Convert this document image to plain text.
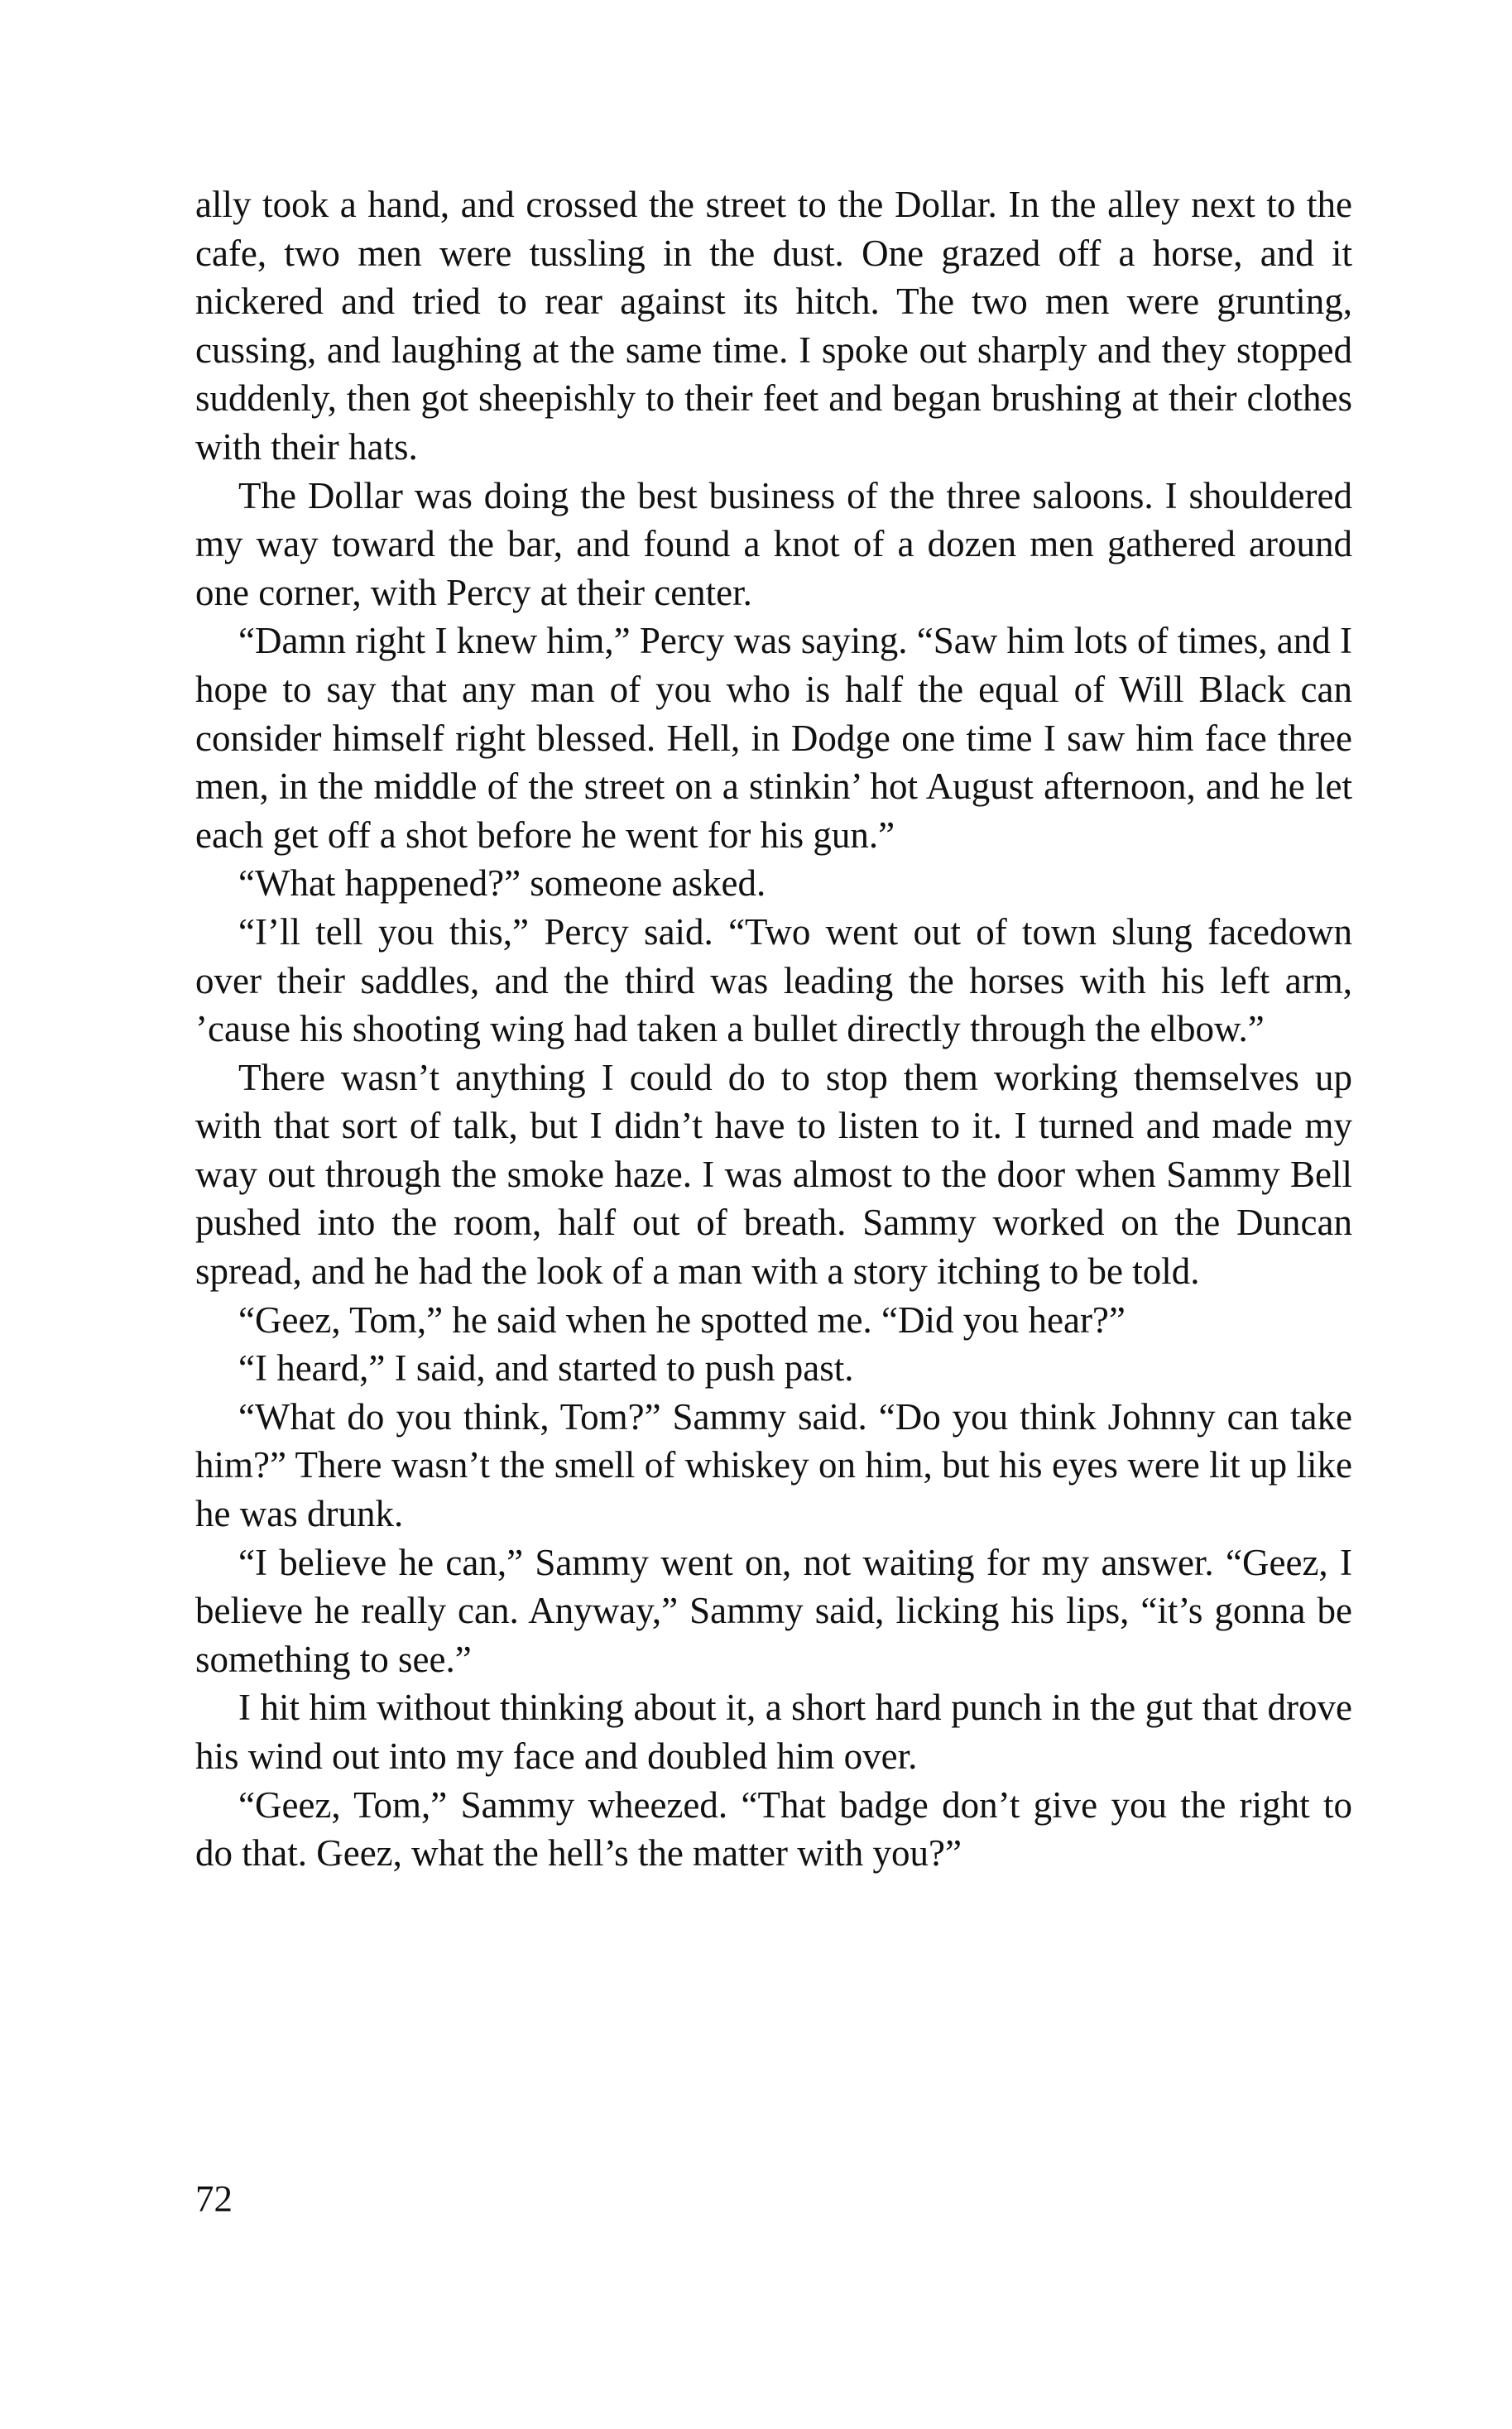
ally took a hand, and crossed the street to the Dollar. In the alley next to the cafe, two men were tussling in the dust. One grazed off a horse, and it nickered and tried to rear against its hitch. The two men were grunting, cussing, and laughing at the same time. I spoke out sharply and they stopped suddenly, then got sheepishly to their feet and began brushing at their clothes with their hats.

The Dollar was doing the best business of the three saloons. I shouldered my way toward the bar, and found a knot of a dozen men gathered around one corner, with Percy at their center.

“Damn right I knew him,” Percy was saying. “Saw him lots of times, and I hope to say that any man of you who is half the equal of Will Black can consider himself right blessed. Hell, in Dodge one time I saw him face three men, in the middle of the street on a stinkin’ hot August afternoon, and he let each get off a shot before he went for his gun.”

“What happened?” someone asked.

“I’ll tell you this,” Percy said. “Two went out of town slung facedown over their saddles, and the third was leading the horses with his left arm, ’cause his shooting wing had taken a bullet directly through the elbow.”

There wasn’t anything I could do to stop them working themselves up with that sort of talk, but I didn’t have to listen to it. I turned and made my way out through the smoke haze. I was almost to the door when Sammy Bell pushed into the room, half out of breath. Sammy worked on the Duncan spread, and he had the look of a man with a story itching to be told.

“Geez, Tom,” he said when he spotted me. “Did you hear?”

“I heard,” I said, and started to push past.

“What do you think, Tom?” Sammy said. “Do you think Johnny can take him?” There wasn’t the smell of whiskey on him, but his eyes were lit up like he was drunk.

“I believe he can,” Sammy went on, not waiting for my answer. “Geez, I believe he really can. Anyway,” Sammy said, licking his lips, “it’s gonna be something to see.”

I hit him without thinking about it, a short hard punch in the gut that drove his wind out into my face and doubled him over.

“Geez, Tom,” Sammy wheezed. “That badge don’t give you the right to do that. Geez, what the hell’s the matter with you?”

72
